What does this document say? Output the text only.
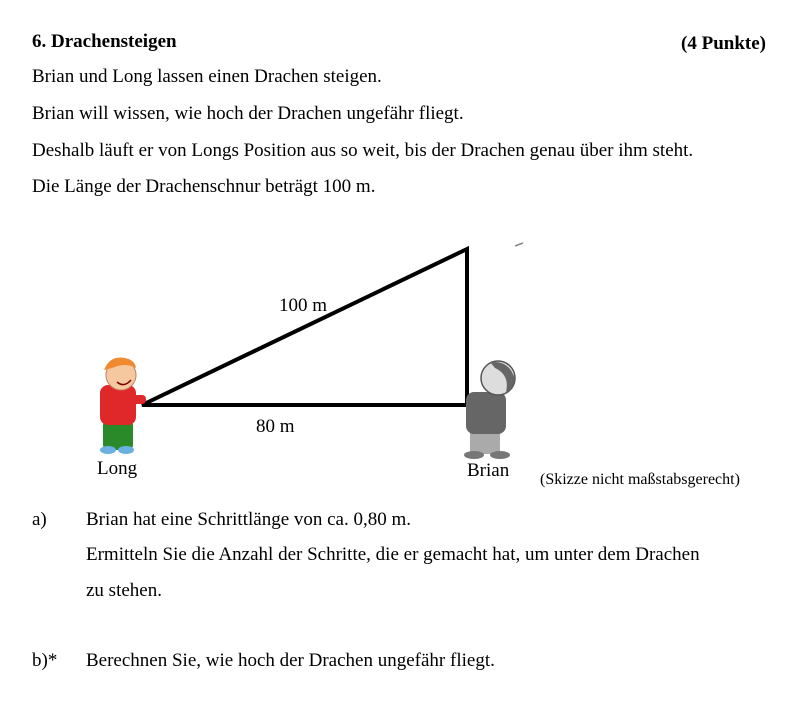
6. Drachensteigen	(4 Punkte)
Brian und Long lassen einen Drachen steigen.
Brian will wissen, wie hoch der Drachen ungefähr fliegt.
Deshalb läuft er von Longs Position aus so weit, bis der Drachen genau über ihm steht.
Die Länge der Drachenschnur beträgt 100 m.
100 m
80 m
Long	Brian (Skizze nicht maßstabsgerecht)
a) Brian hat eine Schrittlänge von ca. 0,80 m.
Ermitteln Sie die Anzahl der Schritte, die er gemacht hat, um unter dem Drachen
zu stehen.
b)* Berechnen Sie, wie hoch der Drachen ungefähr fliegt.
